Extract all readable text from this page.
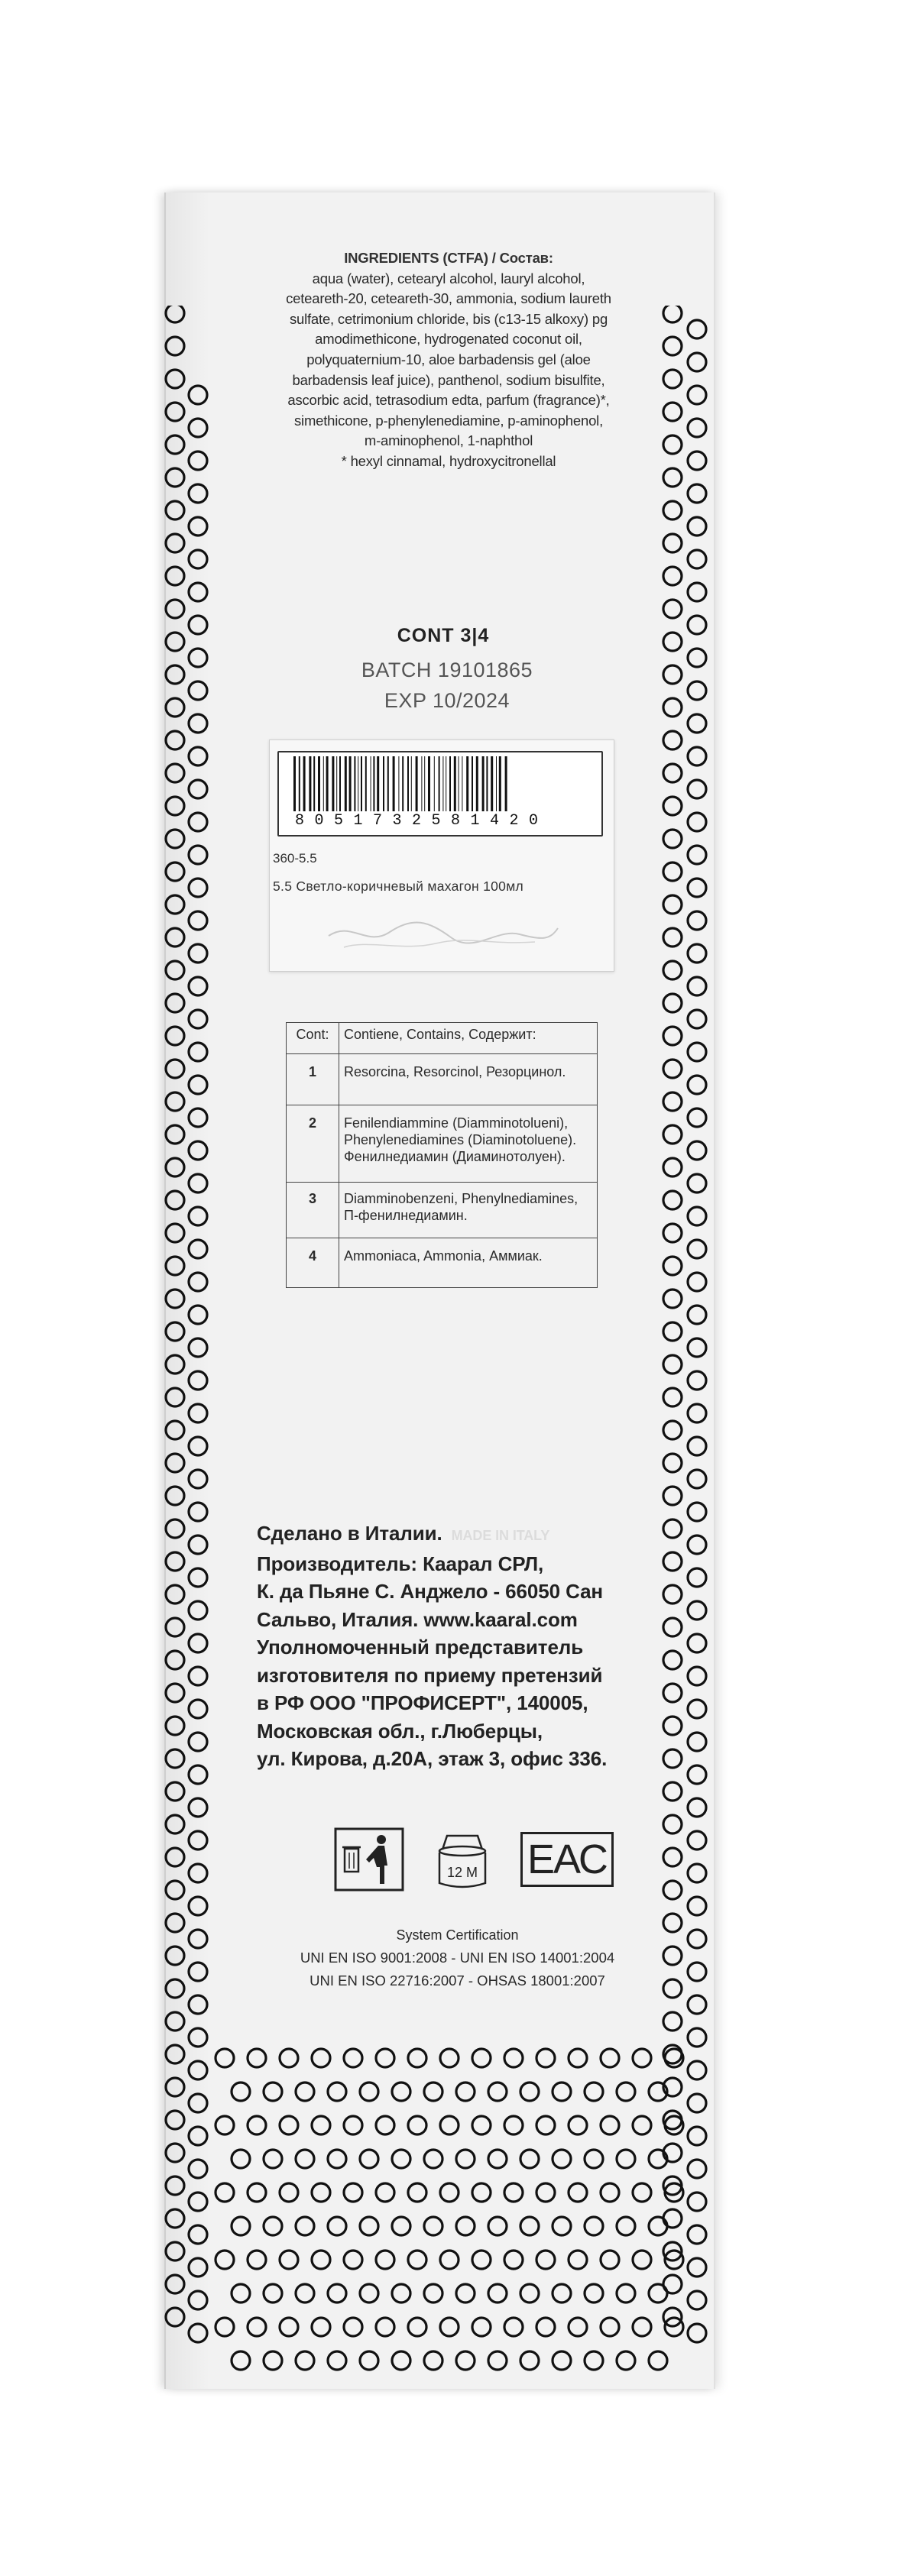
INGREDIENTS (CTFA) / Состав:
aqua (water), cetearyl alcohol, lauryl alcohol, ceteareth-20, ceteareth-30, ammonia, sodium laureth sulfate, cetrimonium chloride, bis (c13-15 alkoxy) pg amodimethicone, hydrogenated coconut oil, polyquaternium-10, aloe barbadensis gel (aloe barbadensis leaf juice), panthenol, sodium bisulfite, ascorbic acid, tetrasodium edta, parfum (fragrance)*, simethicone, p-phenylenediamine, p-aminophenol, m-aminophenol, 1-naphthol
* hexyl cinnamal, hydroxycitronellal
CONT 3|4
BATCH 19101865
EXP 10/2024
8051732581420
360-5.5
5.5 Светло-коричневый махагон 100мл
Cont:	Contiene, Contains, Содержит:
1	Resorcina, Resorcinol, Резорцинол.
2	Fenilendiammine (Diamminotolueni), Phenylenediamines (Diaminotoluene). Фенилнедиамин (Диаминотолуен).
3	Diamminobenzeni, Phenylnediamines, П-фенилнедиамин.
4	Ammoniaca, Ammonia, Аммиак.
Сделано в Италии. MADE IN ITALY
Производитель: Каарал СРЛ,
К. да Пьяне С. Анджело - 66050 Сан
Сальво, Италия. www.kaaral.com
Уполномоченный представитель
изготовителя по приему претензий
в РФ ООО "ПРОФИСЕРТ", 140005,
Московская обл., г.Люберцы,
ул. Кирова, д.20А, этаж 3, офис 336.
12 M ЕАС
System Certification
UNI EN ISO 9001:2008 - UNI EN ISO 14001:2004
UNI EN ISO 22716:2007 - OHSAS 18001:2007
